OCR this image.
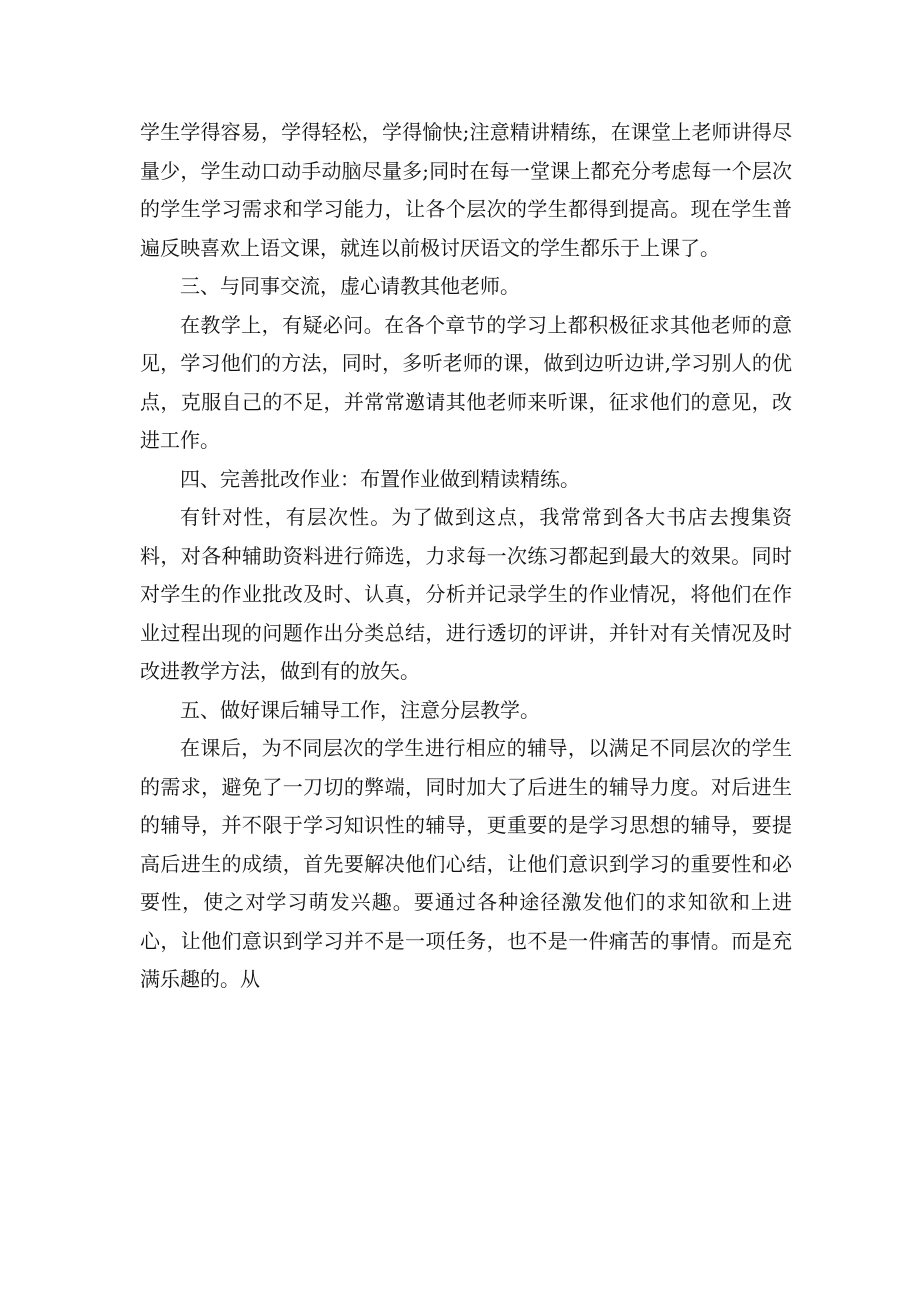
学生学得容易，学得轻松，学得愉快;注意精讲精练，在课堂上老师讲得尽量少，学生动口动手动脑尽量多;同时在每一堂课上都充分考虑每一个层次的学生学习需求和学习能力，让各个层次的学生都得到提高。现在学生普遍反映喜欢上语文课，就连以前极讨厌语文的学生都乐于上课了。

三、与同事交流，虚心请教其他老师。

在教学上，有疑必问。在各个章节的学习上都积极征求其他老师的意见，学习他们的方法，同时，多听老师的课，做到边听边讲,学习别人的优点，克服自己的不足，并常常邀请其他老师来听课，征求他们的意见，改进工作。

四、完善批改作业：布置作业做到精读精练。

有针对性，有层次性。为了做到这点，我常常到各大书店去搜集资料，对各种辅助资料进行筛选，力求每一次练习都起到最大的效果。同时对学生的作业批改及时、认真，分析并记录学生的作业情况，将他们在作业过程出现的问题作出分类总结，进行透切的评讲，并针对有关情况及时改进教学方法，做到有的放矢。

五、做好课后辅导工作，注意分层教学。

在课后，为不同层次的学生进行相应的辅导，以满足不同层次的学生的需求，避免了一刀切的弊端，同时加大了后进生的辅导力度。对后进生的辅导，并不限于学习知识性的辅导，更重要的是学习思想的辅导，要提高后进生的成绩，首先要解决他们心结，让他们意识到学习的重要性和必要性，使之对学习萌发兴趣。要通过各种途径激发他们的求知欲和上进心，让他们意识到学习并不是一项任务，也不是一件痛苦的事情。而是充满乐趣的。从
